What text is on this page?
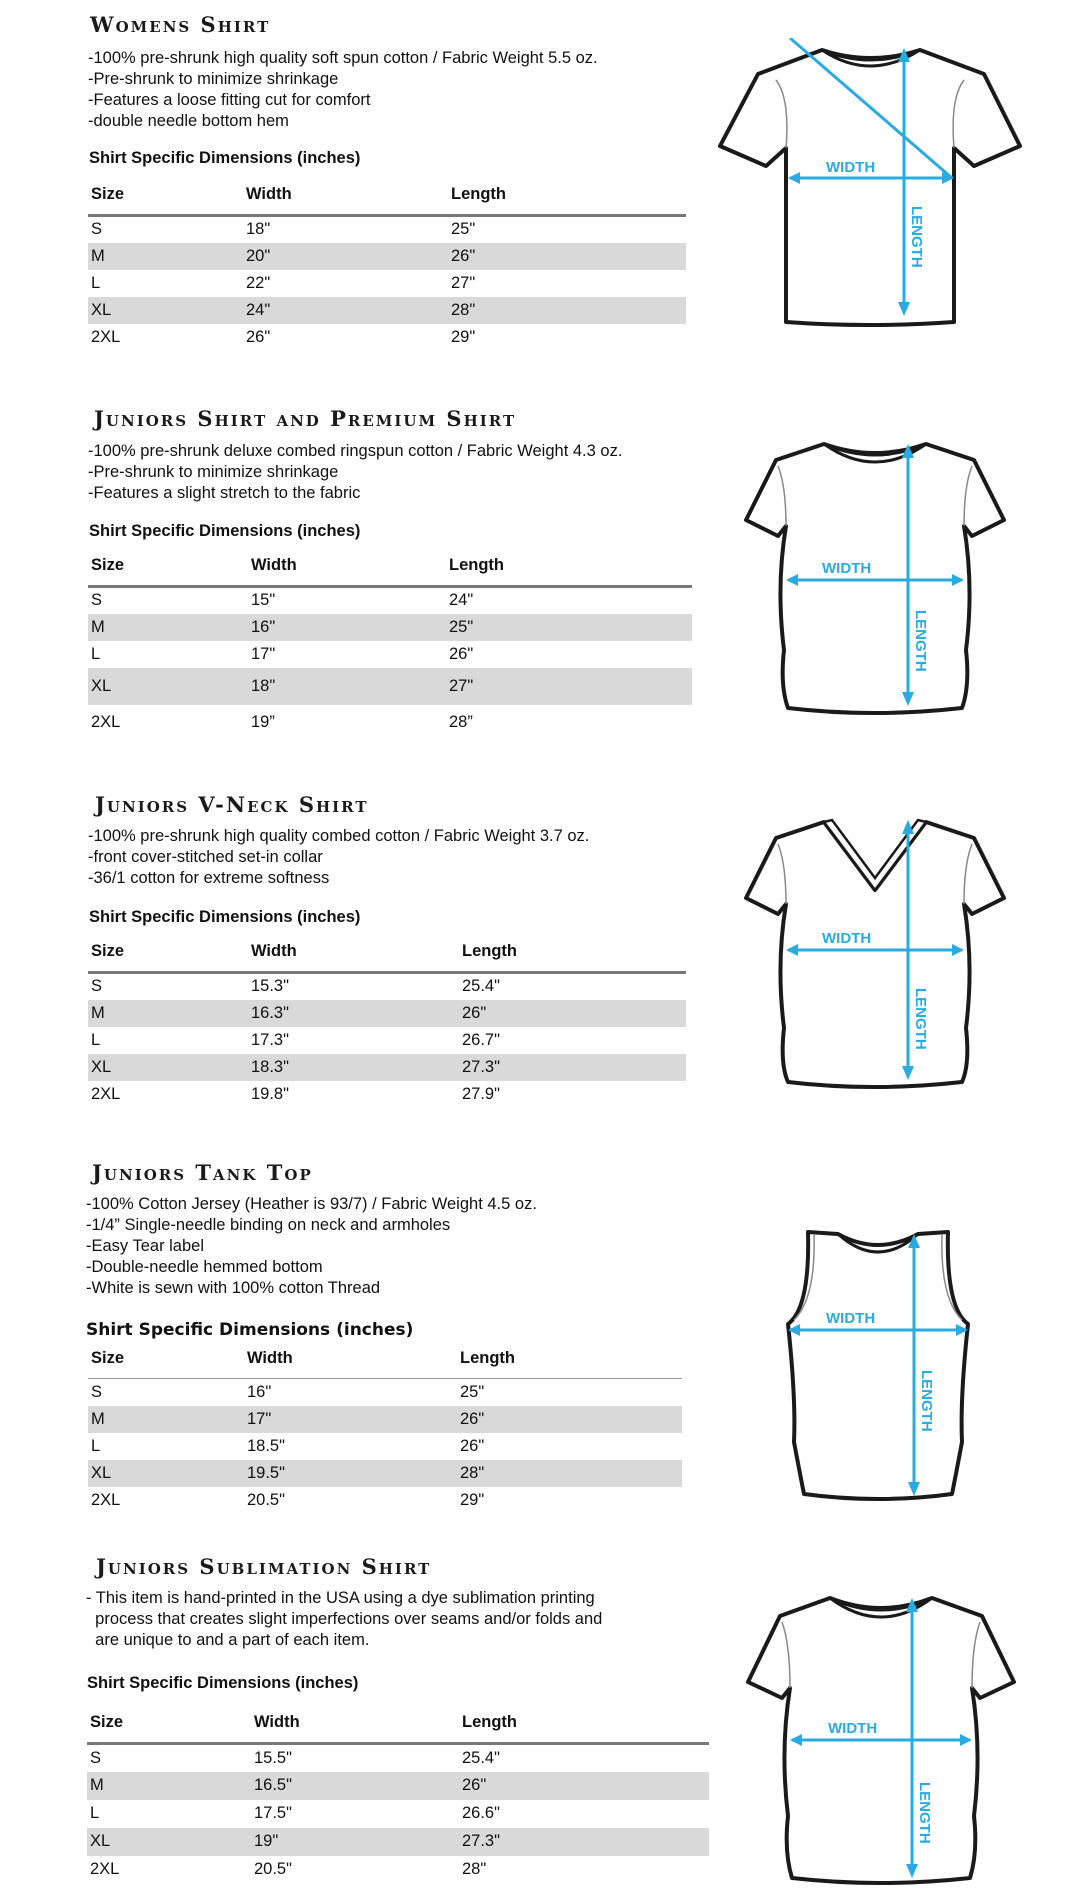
Womens Shirt
-100% pre-shrunk high quality soft spun cotton / Fabric Weight 5.5 oz.
-Pre-shrunk to minimize shrinkage
-Features a loose fitting cut for comfort
-double needle bottom hem
Shirt Specific Dimensions (inches)
Size	Width	Length
S	18"	25"
M	20"	26"
L	22"	27"
XL	24"	28"
2XL	26"	29"
WIDTH
LENGTH
Juniors Shirt and Premium Shirt
-100% pre-shrunk deluxe combed ringspun cotton / Fabric Weight 4.3 oz.
-Pre-shrunk to minimize shrinkage
-Features a slight stretch to the fabric
Shirt Specific Dimensions (inches)
Size	Width	Length
S	15"	24"
M	16"	25"
L	17"	26"
XL	18"	27"
2XL	19”	28”
WIDTH
LENGTH
Juniors V-Neck Shirt
-100% pre-shrunk high quality combed cotton / Fabric Weight 3.7 oz.
-front cover-stitched set-in collar
-36/1 cotton for extreme softness
Shirt Specific Dimensions (inches)
Size	Width	Length
S	15.3"	25.4"
M	16.3"	26"
L	17.3"	26.7"
XL	18.3"	27.3"
2XL	19.8"	27.9"
WIDTH
LENGTH
Juniors Tank Top
-100% Cotton Jersey (Heather is 93/7) / Fabric Weight 4.5 oz.
-1/4” Single-needle binding on neck and armholes
-Easy Tear label
-Double-needle hemmed bottom
-White is sewn with 100% cotton Thread
Shirt Specific Dimensions (inches)
Size	Width	Length
S	16"	25"
M	17"	26"
L	18.5"	26"
XL	19.5"	28"
2XL	20.5"	29"
WIDTH
LENGTH
Juniors Sublimation Shirt
- This item is hand-printed in the USA using a dye sublimation printing
process that creates slight imperfections over seams and/or folds and
are unique to and a part of each item.
Shirt Specific Dimensions (inches)
Size	Width	Length
S	15.5"	25.4"
M	16.5"	26"
L	17.5"	26.6"
XL	19"	27.3"
2XL	20.5"	28"
WIDTH
LENGTH
